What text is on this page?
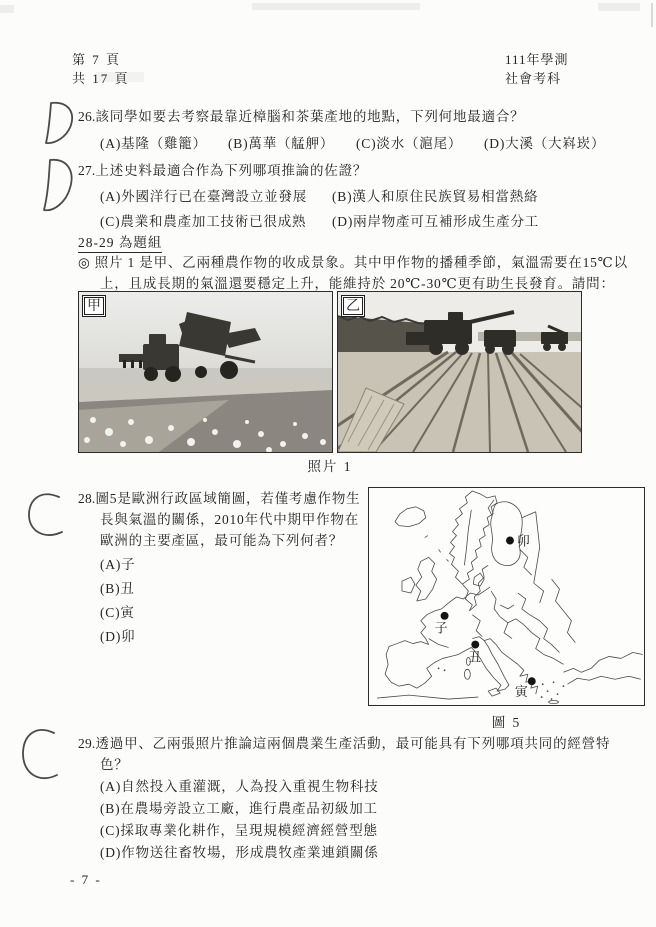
第 7 頁
共 17 頁
111年學測
社會考科
26.該同學如要去考察最靠近樟腦和茶葉產地的地點，下列何地最適合？
(A)基隆（雞籠）	(B)萬華（艋舺）	(C)淡水（滬尾）	(D)大溪（大嵙崁）
27.上述史料最適合作為下列哪項推論的佐證？
(A)外國洋行已在臺灣設立並發展	(B)漢人和原住民族貿易相當熱絡
(C)農業和農產加工技術已很成熟	(D)兩岸物產可互補形成生產分工
28-29 為題組
◎ 照片 1 是甲、乙兩種農作物的收成景象。其中甲作物的播種季節，氣溫需要在15℃以上，且成長期的氣溫還要穩定上升，能維持於 20℃-30℃更有助生長發育。請問：
甲	乙
照片 1
28.圖5是歐洲行政區域簡圖，若僅考慮作物生長與氣溫的關係，2010年代中期甲作物在歐洲的主要產區，最可能為下列何者？
(A)子
(B)丑
(C)寅
(D)卯
卯
子
丑
寅
圖 5
29.透過甲、乙兩張照片推論這兩個農業生產活動，最可能具有下列哪項共同的經營特色？
(A)自然投入重灌溉，人為投入重視生物科技
(B)在農場旁設立工廠，進行農產品初級加工
(C)採取專業化耕作，呈現規模經濟經營型態
(D)作物送往畜牧場，形成農牧產業連鎖關係
- 7 -
